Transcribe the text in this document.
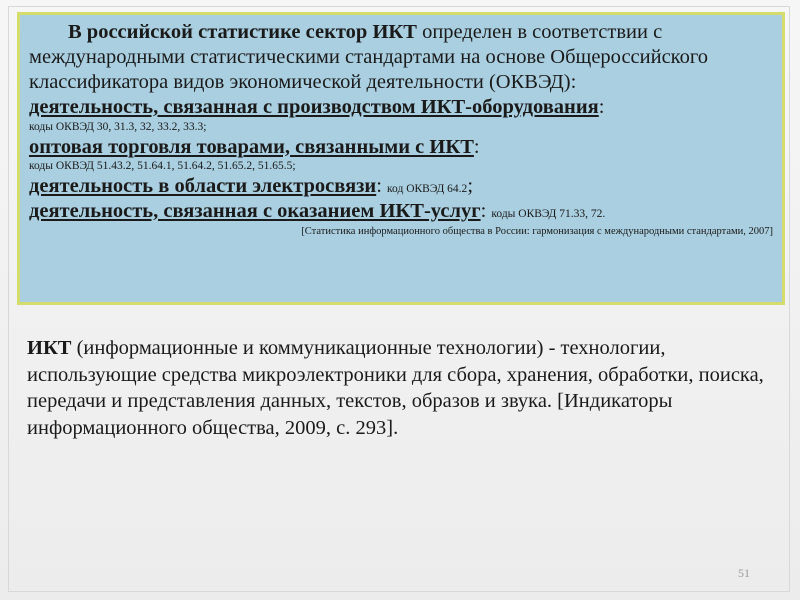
В российской статистике сектор ИКТ определен в соответствии с международными статистическими стандартами на основе Общероссийского классификатора видов экономической деятельности (ОКВЭД):

деятельность, связанная с производством ИКТ-оборудования:

коды ОКВЭД 30, 31.3, 32, 33.2, 33.3;

оптовая торговля товарами, связанными с ИКТ:

коды ОКВЭД 51.43.2, 51.64.1, 51.64.2, 51.65.2, 51.65.5;

деятельность в области электросвязи: код ОКВЭД 64.2;

деятельность, связанная с оказанием ИКТ-услуг: коды ОКВЭД 71.33, 72.

[Статистика информационного общества в России: гармонизация с международными стандартами, 2007]

ИКТ (информационные и коммуникационные технологии) - технологии, использующие средства микроэлектроники для сбора, хранения, обработки, поиска, передачи и представления данных, текстов, образов и звука. [Индикаторы информационного общества, 2009, с. 293].

51
